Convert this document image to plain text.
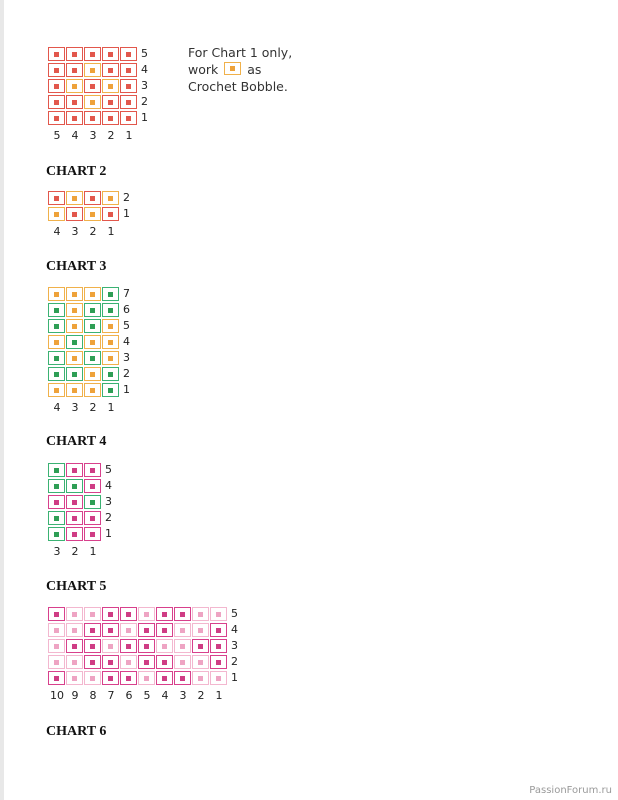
5
4
3
2
1
5	4	3	2	1
For Chart 1 only,
work as
Crochet Bobble.
CHART 2
2
1
4	3	2	1
CHART 3
7
6
5
4
3
2
1
4	3	2	1
CHART 4
5
4
3
2
1
3	2	1
CHART 5
5
4
3
2
1
10 9	8	7	6	5	4	3	2	1
CHART 6
PassionForum.ru
